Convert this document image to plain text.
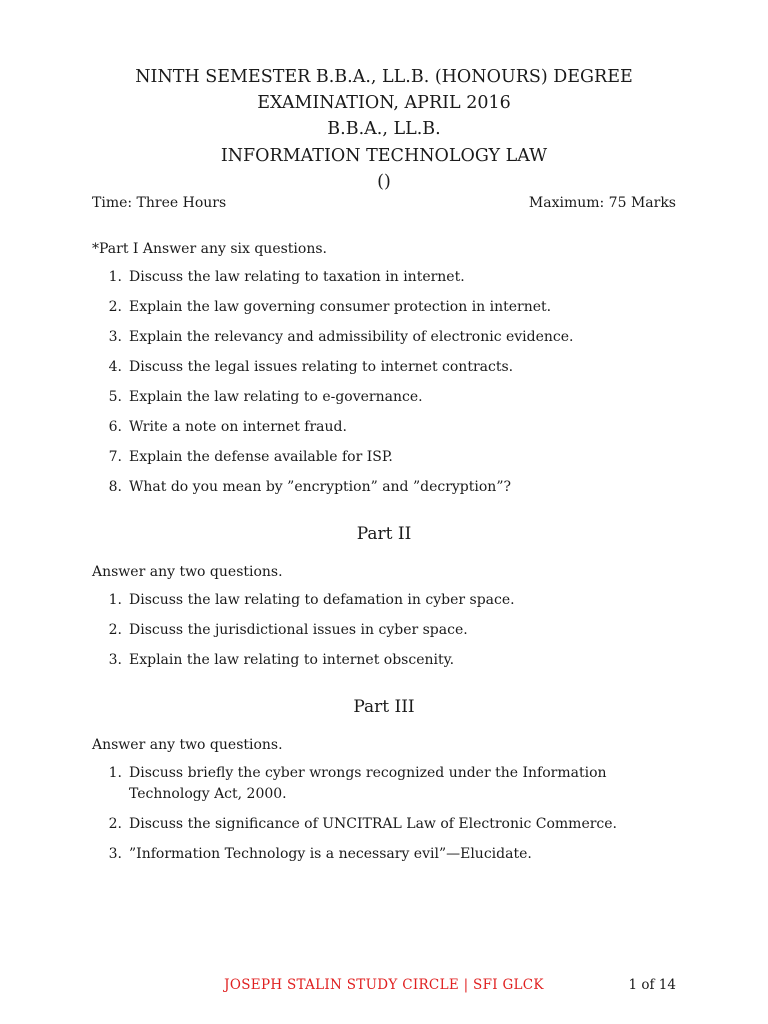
NINTH SEMESTER B.B.A., LL.B. (HONOURS) DEGREE
EXAMINATION, APRIL 2016
B.B.A., LL.B.
INFORMATION TECHNOLOGY LAW
()
Time: Three Hours	Maximum: 75 Marks
*Part I Answer any six questions.
1. Discuss the law relating to taxation in internet.
2. Explain the law governing consumer protection in internet.
3. Explain the relevancy and admissibility of electronic evidence.
4. Discuss the legal issues relating to internet contracts.
5. Explain the law relating to e-governance.
6. Write a note on internet fraud.
7. Explain the defense available for ISP.
8. What do you mean by ”encryption” and ”decryption”?
Part II
Answer any two questions.
1. Discuss the law relating to defamation in cyber space.
2. Discuss the jurisdictional issues in cyber space.
3. Explain the law relating to internet obscenity.
Part III
Answer any two questions.
1. Discuss briefly the cyber wrongs recognized under the Information Technology Act, 2000.
2. Discuss the significance of UNCITRAL Law of Electronic Commerce.
3. ”Information Technology is a necessary evil”—Elucidate.
JOSEPH STALIN STUDY CIRCLE | SFI GLCK	1 of 14
